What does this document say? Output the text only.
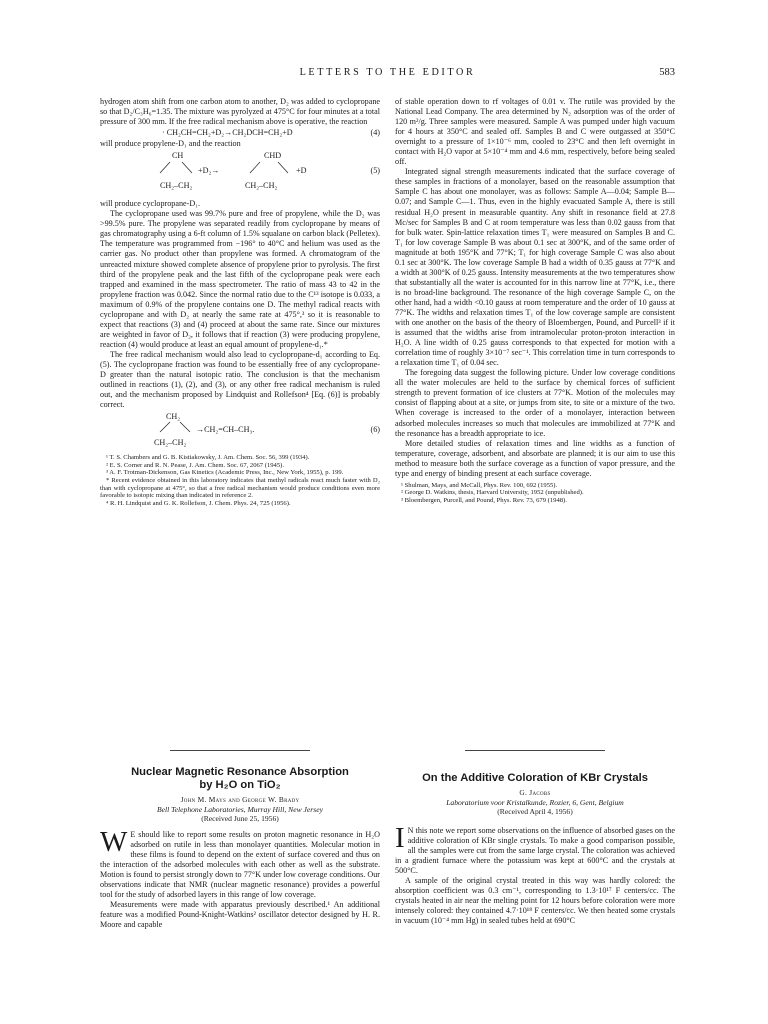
LETTERS TO THE EDITOR	583

hydrogen atom shift from one carbon atom to another, D₂ was added to cyclopropane so that D₂/C₃H₆=1.35. The mixture was pyrolyzed at 475°C for four minutes at a total pressure of 300 mm. If the free radical mechanism above is operative, the reaction

· CH₂CH=CH₂+D₂→CH₂DCH=CH₂+D	(4)

will produce propylene-D₁ and the reaction

CH	CHD
+D₂→	+D	(5)
CH₂–CH₂	CH₂–CH₂

will produce cyclopropane-D₁.

The cyclopropane used was 99.7% pure and free of propylene, while the D₂ was >99.5% pure. The propylene was separated readily from cyclopropane by means of gas chromatography using a 6-ft column of 1.5% squalane on carbon black (Pelletex). The temperature was programmed from −196° to 40°C and helium was used as the carrier gas. No product other than propylene was formed. A chromatogram of the unreacted mixture showed complete absence of propylene prior to pyrolysis. The first third of the propylene peak and the last fifth of the cyclopropane peak were each trapped and examined in the mass spectrometer. The ratio of mass 43 to 42 in the propylene fraction was 0.042. Since the normal ratio due to the C¹³ isotope is 0.033, a maximum of 0.9% of the propylene contains one D. The methyl radical reacts with cyclopropane and with D₂ at nearly the same rate at 475°,³ so it is reasonable to expect that reactions (3) and (4) proceed at about the same rate. Since our mixtures are weighted in favor of D₂, it follows that if reaction (3) were producing propylene, reaction (4) would produce at least an equal amount of propylene-d₁.*

The free radical mechanism would also lead to cyclopropane-d₁ according to Eq. (5). The cyclopropane fraction was found to be essentially free of any cyclopropane-D greater than the natural isotopic ratio. The conclusion is that the mechanism outlined in reactions (1), (2), and (3), or any other free radical mechanism is ruled out, and the mechanism proposed by Lindquist and Rollefson⁴ [Eq. (6)] is probably correct.

CH₂
→CH₂=CH–CH₃.	(6)
CH₂–CH₂

¹ T. S. Chambers and G. B. Kistiakowsky, J. Am. Chem. Soc. 56, 399 (1934).

² E. S. Corner and R. N. Pease, J. Am. Chem. Soc. 67, 2067 (1945).

³ A. F. Trotman-Dickenson, Gas Kinetics (Academic Press, Inc., New York, 1955), p. 199.

* Recent evidence obtained in this laboratory indicates that methyl radicals react much faster with D₂ than with cyclopropane at 475°, so that a free radical mechanism would produce conditions even more favorable to isotopic mixing than indicated in reference 2.

⁴ R. H. Lindquist and G. K. Rollefson, J. Chem. Phys. 24, 725 (1956).

of stable operation down to rf voltages of 0.01 v. The rutile was provided by the National Lead Company. The area determined by N₂ adsorption was of the order of 120 m²/g. Three samples were measured. Sample A was pumped under high vacuum for 4 hours at 350°C and sealed off. Samples B and C were outgassed at 350°C overnight to a pressure of 1×10⁻⁶ mm, cooled to 23°C and then left overnight in contact with H₂O vapor at 5×10⁻⁴ mm and 4.6 mm, respectively, before being sealed off.

Integrated signal strength measurements indicated that the surface coverage of these samples in fractions of a monolayer, based on the reasonable assumption that Sample C has about one monolayer, was as follows: Sample A—0.04; Sample B—0.07; and Sample C—1. Thus, even in the highly evacuated Sample A, there is still residual H₂O present in measurable quantity. Any shift in resonance field at 27.8 Mc/sec for Samples B and C at room temperature was less than 0.02 gauss from that for bulk water. Spin-lattice relaxation times T₁ were measured on Samples B and C. T₁ for low coverage Sample B was about 0.1 sec at 300°K, and of the same order of magnitude at both 195°K and 77°K; T₁ for high coverage Sample C was also about 0.1 sec at 300°K. The low coverage Sample B had a width of 0.35 gauss at 77°K and a width at 300°K of 0.25 gauss. Intensity measurements at the two temperatures show that substantially all the water is accounted for in this narrow line at 77°K, i.e., there is no broad-line background. The resonance of the high coverage Sample C, on the other hand, had a width <0.10 gauss at room temperature and the order of 10 gauss at 77°K. The widths and relaxation times T₁ of the low coverage sample are consistent with one another on the basis of the theory of Bloembergen, Pound, and Purcell³ if it is assumed that the widths arise from intramolecular proton-proton interaction in H₂O. A line width of 0.25 gauss corresponds to that expected for motion with a correlation time of roughly 3×10⁻⁷ sec⁻¹. This correlation time in turn corresponds to a relaxation time T₁ of 0.04 sec.

The foregoing data suggest the following picture. Under low coverage conditions all the water molecules are held to the surface by chemical forces of sufficient strength to prevent formation of ice clusters at 77°K. Motion of the molecules may consist of flapping about at a site, or jumps from site, to site or a mixture of the two. When coverage is increased to the order of a monolayer, interaction between adsorbed molecules increases so much that molecules are immobilized at 77°K and the resonance has a breadth appropriate to ice.

More detailed studies of relaxation times and line widths as a function of temperature, coverage, adsorbent, and absorbate are planned; it is our aim to use this method to measure both the surface coverage as a function of vapor pressure, and the type and energy of binding present at each surface coverage.

¹ Shulman, Mays, and McCall, Phys. Rev. 100, 692 (1955).

² George D. Watkins, thesis, Harvard University, 1952 (unpublished).

³ Bloembergen, Purcell, and Pound, Phys. Rev. 73, 679 (1948).

Nuclear Magnetic Resonance Absorption
by H₂O on TiO₂
John M. Mays and George W. Brady
Bell Telephone Laboratories, Murray Hill, New Jersey
(Received June 25, 1956)

W E should like to report some results on proton magnetic resonance in H₂O adsorbed on rutile in less than monolayer quantities. Molecular motion in these films is found to depend on the extent of surface covered and thus on the interaction of the adsorbed molecules with each other as well as the substrate. Motion is found to persist strongly down to 77°K under low coverage conditions. Our observations indicate that NMR (nuclear magnetic resonance) provides a powerful tool for the study of adsorbed layers in this range of low coverage.

Measurements were made with apparatus previously described.¹ An additional feature was a modified Pound-Knight-Watkins² oscillator detector designed by H. R. Moore and capable

On the Additive Coloration of KBr Crystals
G. Jacobs
Laboratorium voor Kristalkunde, Rozier, 6, Gent, Belgium
(Received April 4, 1956)

I N this note we report some observations on the influence of absorbed gases on the additive coloration of KBr single crystals. To make a good comparison possible, all the samples were cut from the same large crystal. The coloration was achieved in a gradient furnace where the potassium was kept at 600°C and the crystals at 500°C.

A sample of the original crystal treated in this way was hardly colored: the absorption coefficient was 0.3 cm⁻¹, corresponding to 1.3·10¹⁷ F centers/cc. The crystals heated in air near the melting point for 12 hours before coloration were more intensely colored: they contained 4.7·10¹⁸ F centers/cc. We then heated some crystals in vacuum (10⁻⁴ mm Hg) in sealed tubes held at 690°C
